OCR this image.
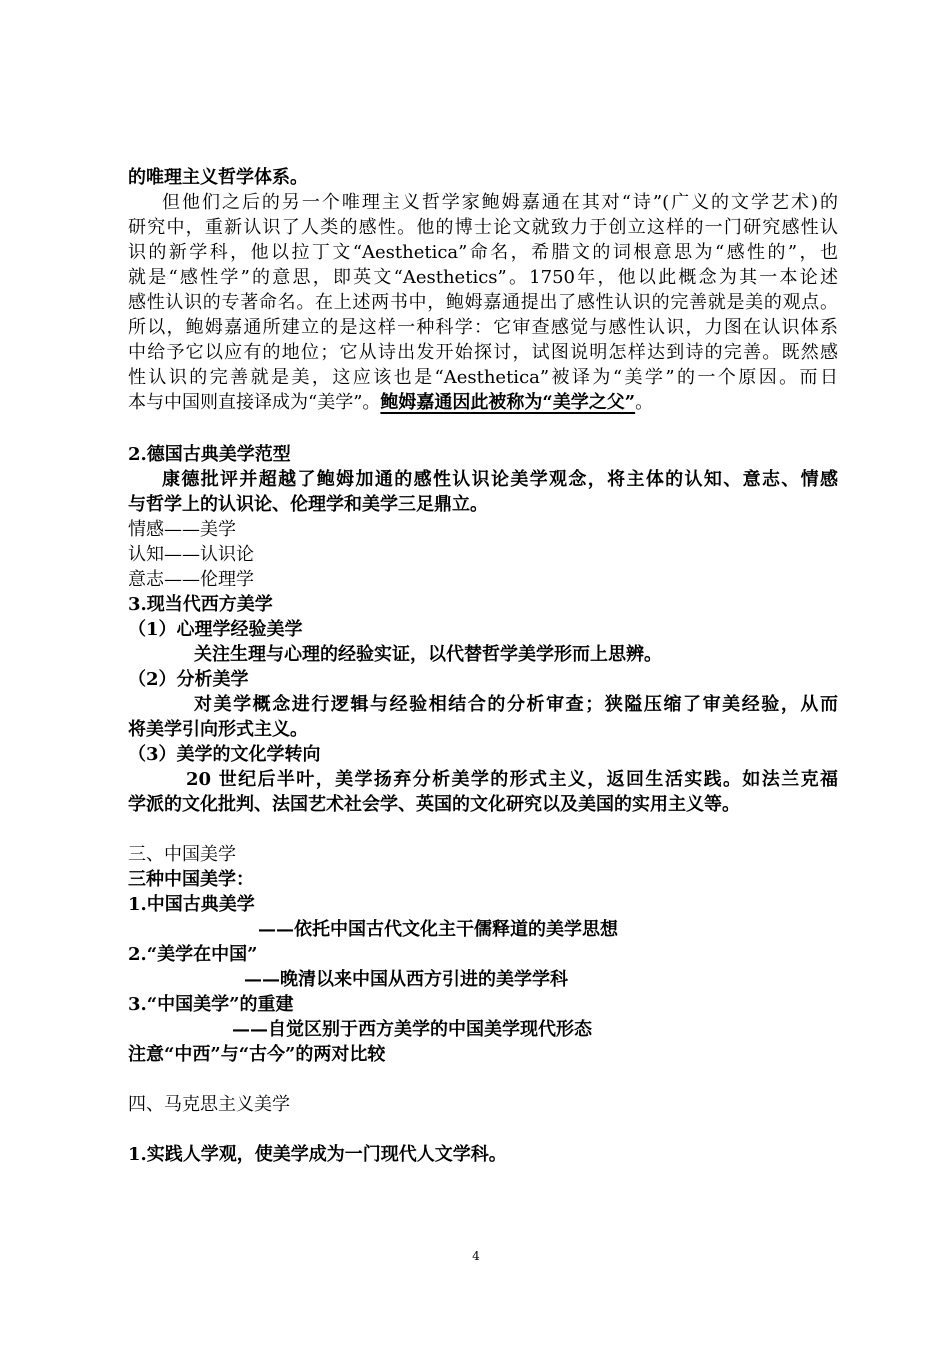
的唯理主义哲学体系。
但他们之后的另一个唯理主义哲学家鲍姆嘉通在其对“诗”(广义的文学艺术)的
研究中，重新认识了人类的感性。他的博士论文就致力于创立这样的一门研究感性认
识的新学科，他以拉丁文“Aesthetica”命名，希腊文的词根意思为“感性的”，也
就是“感性学”的意思，即英文“Aesthetics”。1750年，他以此概念为其一本论述
感性认识的专著命名。在上述两书中，鲍姆嘉通提出了感性认识的完善就是美的观点。
所以，鲍姆嘉通所建立的是这样一种科学：它审查感觉与感性认识，力图在认识体系
中给予它以应有的地位；它从诗出发开始探讨，试图说明怎样达到诗的完善。既然感
性认识的完善就是美，这应该也是“Aesthetica”被译为“美学”的一个原因。而日
本与中国则直接译成为“美学”。鲍姆嘉通因此被称为“美学之父”。
2.德国古典美学范型
康德批评并超越了鲍姆加通的感性认识论美学观念，将主体的认知、意志、情感
与哲学上的认识论、伦理学和美学三足鼎立。
情感——美学
认知——认识论
意志——伦理学
3.现当代西方美学
（1）心理学经验美学
关注生理与心理的经验实证，以代替哲学美学形而上思辨。
（2）分析美学
对美学概念进行逻辑与经验相结合的分析审查；狭隘压缩了审美经验，从而
将美学引向形式主义。
（3）美学的文化学转向
20 世纪后半叶，美学扬弃分析美学的形式主义，返回生活实践。如法兰克福
学派的文化批判、法国艺术社会学、英国的文化研究以及美国的实用主义等。
三、中国美学
三种中国美学：
1.中国古典美学
——依托中国古代文化主干儒释道的美学思想
2.“美学在中国”
——晚清以来中国从西方引进的美学学科
3.“中国美学”的重建
——自觉区别于西方美学的中国美学现代形态
注意“中西”与“古今”的两对比较
四、马克思主义美学
1.实践人学观，使美学成为一门现代人文学科。
4
